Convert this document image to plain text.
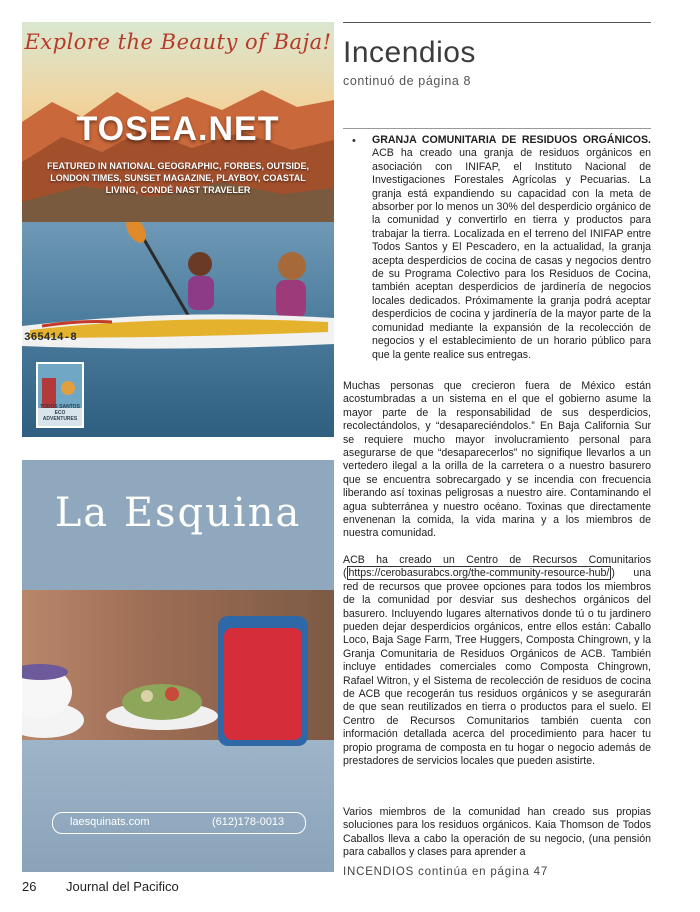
Explore the Beauty of Baja!
TOSEA.NET
FEATURED IN NATIONAL GEOGRAPHIC, FORBES, OUTSIDE, LONDON TIMES, SUNSET MAGAZINE, PLAYBOY, COASTAL LIVING, CONDÉ NAST TRAVELER
365414-8
TODOS SANTOS ECO ADVENTURES
La Esquina
laesquinats.com	(612)178-0013
Incendios
continuó de página 8
• GRANJA COMUNITARIA DE RESIDUOS ORGÁNICOS. ACB ha creado una granja de residuos orgánicos en asociación con INIFAP, el Instituto Nacional de Investigaciones Forestales Agrícolas y Pecuarias. La granja está expandiendo su capacidad con la meta de absorber por lo menos un 30% del desperdicio orgánico de la comunidad y convertirlo en tierra y productos para trabajar la tierra. Localizada en el terreno del INIFAP entre Todos Santos y El Pescadero, en la actualidad, la granja acepta desperdicios de cocina de casas y negocios dentro de su Programa Colectivo para los Residuos de Cocina, también aceptan desperdicios de jardinería de negocios locales dedicados. Próximamente la granja podrá aceptar desperdicios de cocina y jardinería de la mayor parte de la comunidad mediante la expansión de la recolección de negocios y el establecimiento de un horario público para que la gente realice sus entregas.
Muchas personas que crecieron fuera de México están acostumbradas a un sistema en el que el gobierno asume la mayor parte de la responsabilidad de sus desperdicios, recolectándolos, y “desapareciéndolos.” En Baja California Sur se requiere mucho mayor involucramiento personal para asegurarse de que “desaparecerlos” no signifique llevarlos a un vertedero ilegal a la orilla de la carretera o a nuestro basurero que se encuentra sobrecargado y se incendia con frecuencia liberando así toxinas peligrosas a nuestro aire. Contaminando el agua subterránea y nuestro océano. Toxinas que directamente envenenan la comida, la vida marina y a los miembros de nuestra comunidad.
ACB ha creado un Centro de Recursos Comunitarios ( https://cerobasurabcs.org/the-community-resource-hub/ ) una red de recursos que provee opciones para todos los miembros de la comunidad por desviar sus deshechos orgánicos del basurero. Incluyendo lugares alternativos donde tú o tu jardinero pueden dejar desperdicios orgánicos, entre ellos están: Caballo Loco, Baja Sage Farm, Tree Huggers, Composta Chingrown, y la Granja Comunitaria de Residuos Orgánicos de ACB. También incluye entidades comerciales como Composta Chingrown, Rafael Witron, y el Sistema de recolección de residuos de cocina de ACB que recogerán tus residuos orgánicos y se asegurarán de que sean reutilizados en tierra o productos para el suelo. El Centro de Recursos Comunitarios también cuenta con información detallada acerca del procedimiento para hacer tu propio programa de composta en tu hogar o negocio además de prestadores de servicios locales que pueden asistirte.
Varios miembros de la comunidad han creado sus propias soluciones para los residuos orgánicos. Kaia Thomson de Todos Caballos lleva a cabo la operación de su negocio, (una pensión para caballos y clases para aprender a
INCENDIOS continúa en página 47
26 Journal del Pacifico
